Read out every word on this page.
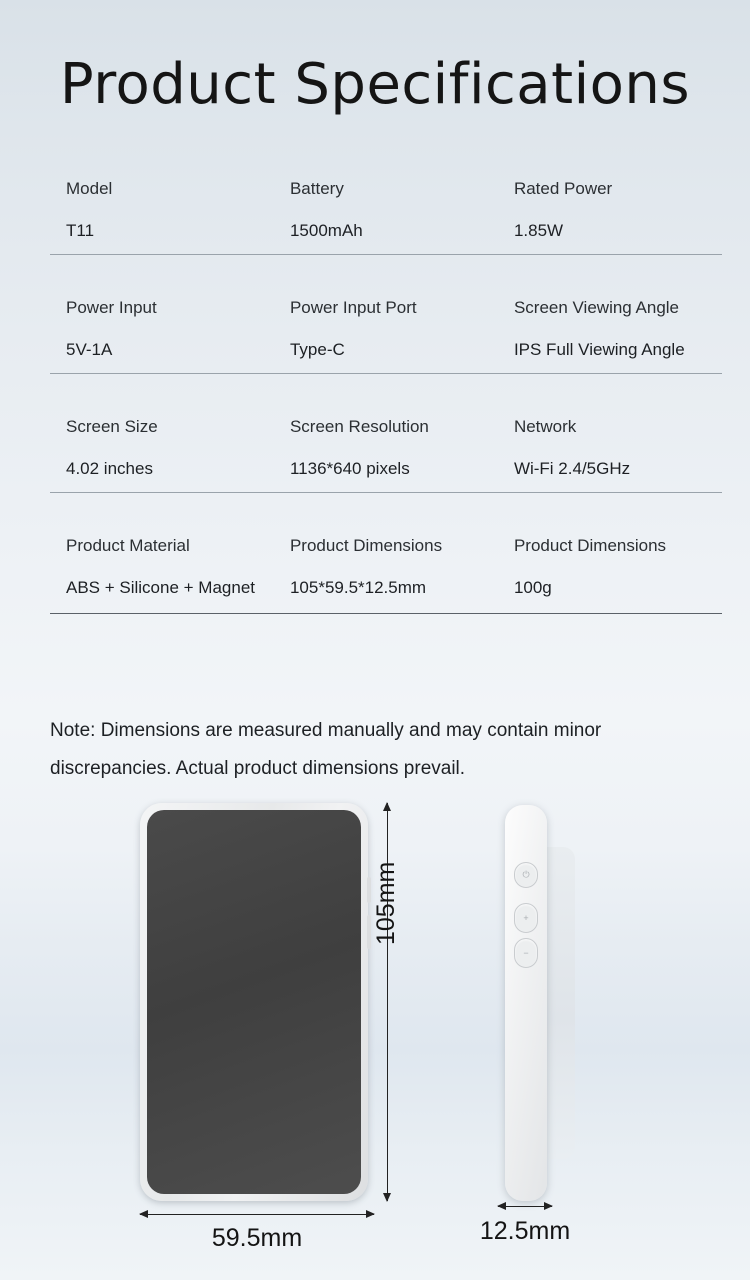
Product Specifications
Model
T11
Battery
1500mAh
Rated Power
1.85W
Power Input
5V-1A
Power Input Port
Type-C
Screen Viewing Angle
IPS Full Viewing Angle
Screen Size
4.02 inches
Screen Resolution
1136*640 pixels
Network
Wi-Fi 2.4/5GHz
Product Material
ABS + Silicone + Magnet
Product Dimensions
105*59.5*12.5mm
Product Dimensions
100g

Note: Dimensions are measured manually and may contain minor discrepancies. Actual product dimensions prevail.

105mm
59.5mm
⏻
+
−
12.5mm
